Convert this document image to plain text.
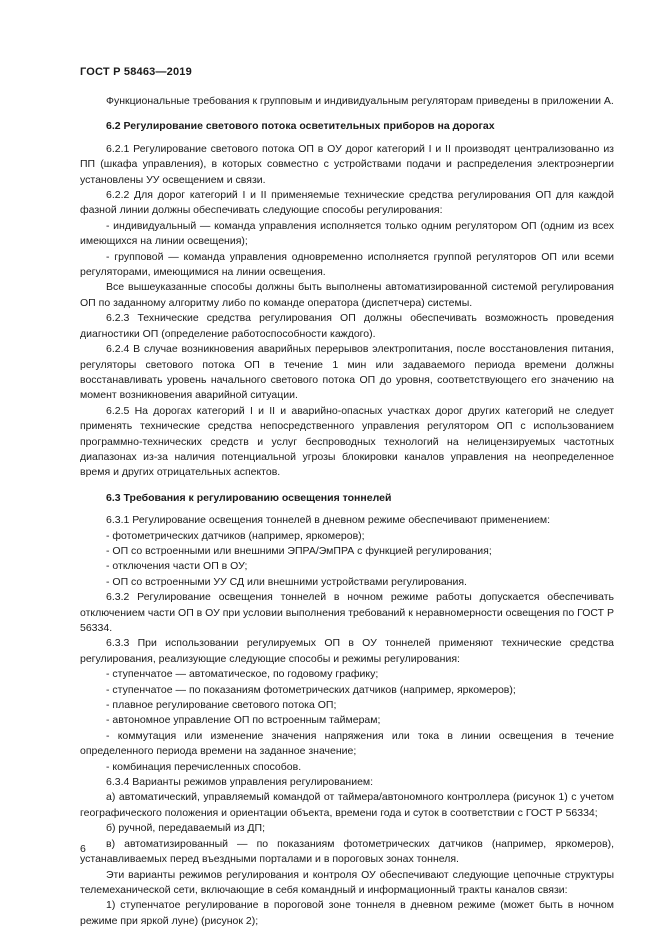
ГОСТ Р 58463—2019

Функциональные требования к групповым и индивидуальным регуляторам приведены в приложении А.

6.2 Регулирование светового потока осветительных приборов на дорогах

6.2.1 Регулирование светового потока ОП в ОУ дорог категорий I и II производят централизованно из ПП (шкафа управления), в которых совместно с устройствами подачи и распределения электроэнергии установлены УУ освещением и связи.

6.2.2 Для дорог категорий I и II применяемые технические средства регулирования ОП для каждой фазной линии должны обеспечивать следующие способы регулирования:

- индивидуальный — команда управления исполняется только одним регулятором ОП (одним из всех имеющихся на линии освещения);

- групповой — команда управления одновременно исполняется группой регуляторов ОП или всеми регуляторами, имеющимися на линии освещения.

Все вышеуказанные способы должны быть выполнены автоматизированной системой регулирования ОП по заданному алгоритму либо по команде оператора (диспетчера) системы.

6.2.3 Технические средства регулирования ОП должны обеспечивать возможность проведения диагностики ОП (определение работоспособности каждого).

6.2.4 В случае возникновения аварийных перерывов электропитания, после восстановления питания, регуляторы светового потока ОП в течение 1 мин или задаваемого периода времени должны восстанавливать уровень начального светового потока ОП до уровня, соответствующего его значению на момент возникновения аварийной ситуации.

6.2.5 На дорогах категорий I и II и аварийно-опасных участках дорог других категорий не следует применять технические средства непосредственного управления регулятором ОП с использованием программно-технических средств и услуг беспроводных технологий на нелицензируемых частотных диапазонах из-за наличия потенциальной угрозы блокировки каналов управления на неопределенное время и других отрицательных аспектов.

6.3 Требования к регулированию освещения тоннелей

6.3.1 Регулирование освещения тоннелей в дневном режиме обеспечивают применением:

- фотометрических датчиков (например, яркомеров);

- ОП со встроенными или внешними ЭПРА/ЭмПРА с функцией регулирования;

- отключения части ОП в ОУ;

- ОП со встроенными УУ СД или внешними устройствами регулирования.

6.3.2 Регулирование освещения тоннелей в ночном режиме работы допускается обеспечивать отключением части ОП в ОУ при условии выполнения требований к неравномерности освещения по ГОСТ Р 56334.

6.3.3 При использовании регулируемых ОП в ОУ тоннелей применяют технические средства регулирования, реализующие следующие способы и режимы регулирования:

- ступенчатое — автоматическое, по годовому графику;

- ступенчатое — по показаниям фотометрических датчиков (например, яркомеров);

- плавное регулирование светового потока ОП;

- автономное управление ОП по встроенным таймерам;

- коммутация или изменение значения напряжения или тока в линии освещения в течение определенного периода времени на заданное значение;

- комбинация перечисленных способов.

6.3.4 Варианты режимов управления регулированием:

а) автоматический, управляемый командой от таймера/автономного контроллера (рисунок 1) с учетом географического положения и ориентации объекта, времени года и суток в соответствии с ГОСТ Р 56334;

б) ручной, передаваемый из ДП;

в) автоматизированный — по показаниям фотометрических датчиков (например, яркомеров), устанавливаемых перед въездными порталами и в пороговых зонах тоннеля.

Эти варианты режимов регулирования и контроля ОУ обеспечивают следующие цепочные структуры телемеханической сети, включающие в себя командный и информационный тракты каналов связи:

1) ступенчатое регулирование в пороговой зоне тоннеля в дневном режиме (может быть в ночном режиме при яркой луне) (рисунок 2);

6
